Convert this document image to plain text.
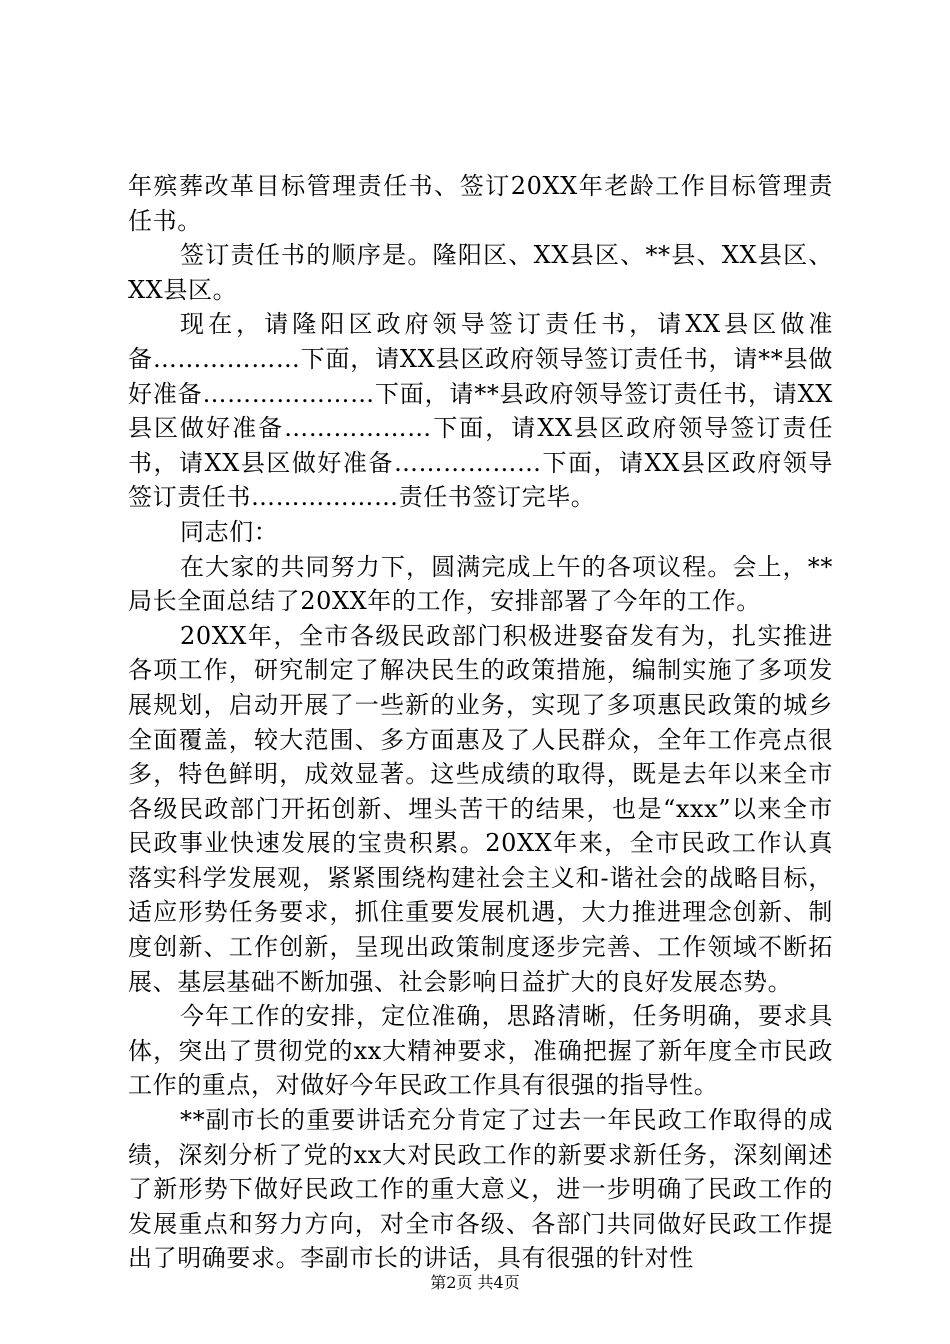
年殡葬改革目标管理责任书、签订20XX年老龄工作目标管理责任书。

签订责任书的顺序是。隆阳区、XX县区、**县、XX县区、XX县区。

现在，请隆阳区政府领导签订责任书，请XX县区做准备………………下面，请XX县区政府领导签订责任书，请**县做好准备…………………下面，请**县政府领导签订责任书，请XX县区做好准备………………下面，请XX县区政府领导签订责任书，请XX县区做好准备………………下面，请XX县区政府领导签订责任书………………责任书签订完毕。

同志们：

在大家的共同努力下，圆满完成上午的各项议程。会上，**局长全面总结了20XX年的工作，安排部署了今年的工作。

20XX年，全市各级民政部门积极进娶奋发有为，扎实推进各项工作，研究制定了解决民生的政策措施，编制实施了多项发展规划，启动开展了一些新的业务，实现了多项惠民政策的城乡全面覆盖，较大范围、多方面惠及了人民群众，全年工作亮点很多，特色鲜明，成效显著。这些成绩的取得，既是去年以来全市各级民政部门开拓创新、埋头苦干的结果，也是“xxx”以来全市民政事业快速发展的宝贵积累。20XX年来，全市民政工作认真落实科学发展观，紧紧围绕构建社会主义和-谐社会的战略目标，适应形势任务要求，抓住重要发展机遇，大力推进理念创新、制度创新、工作创新，呈现出政策制度逐步完善、工作领域不断拓展、基层基础不断加强、社会影响日益扩大的良好发展态势。

今年工作的安排，定位准确，思路清晰，任务明确，要求具体，突出了贯彻党的xx大精神要求，准确把握了新年度全市民政工作的重点，对做好今年民政工作具有很强的指导性。

**副市长的重要讲话充分肯定了过去一年民政工作取得的成绩，深刻分析了党的xx大对民政工作的新要求新任务，深刻阐述了新形势下做好民政工作的重大意义，进一步明确了民政工作的发展重点和努力方向，对全市各级、各部门共同做好民政工作提出了明确要求。李副市长的讲话，具有很强的针对性

第2页 共4页
